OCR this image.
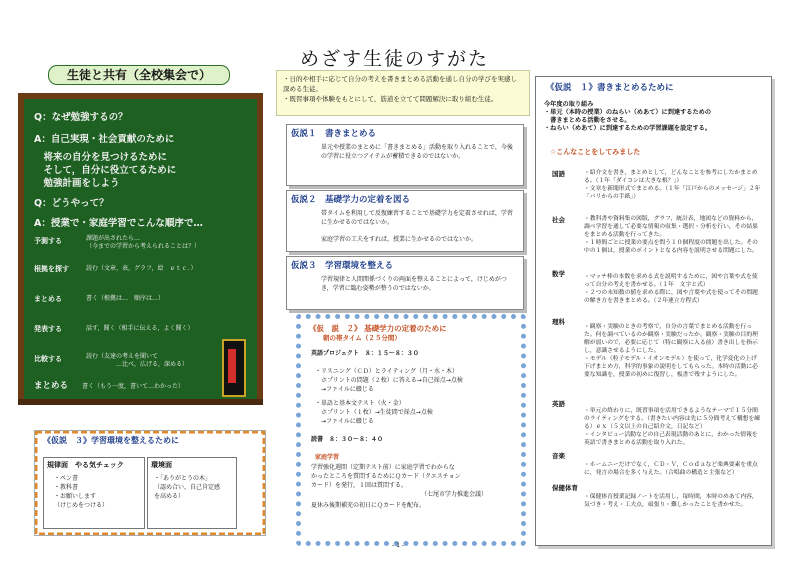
めざす生徒のすがた
生徒と共有（全校集会で）
Q：なぜ勉強するの？
A：自己実現・社会貢献のために
　将来の自分を見つけるために
　そして，自分に役立てるために
　勉強計画をしよう
Q：どうやって？
A：授業で・家庭学習でこんな順序で…
予測する	課題が出されたら…
（今までの学習から考えられることは？）
根拠を探す	読む（文章，表，グラフ，絵　ｅｔｃ．）
まとめる	書く（根拠は…　順序は…）
発表する	話す，聞く（相手に伝える，よく聞く）
比較する	読む（友達の考えを聞いて
　　　　　…比べ，広げる，深める）
まとめる 書く（もう一度，書いて…わかった）
《仮説　３》学習環境を整えるために
規律面　やる気チェック
・ペン書
・教科書
・お願いします
（けじめをつける）
環境面
・「ありがとうの木」
（認め合い，自己肯定感
を高める）
・日的や相手に応じて自分の考えを書きまとめる活動を通し自分の学びを実感し深める生徒。
・既習事項や体験をもとにして，筋道を立てて問題解決に取り組む生徒。
仮説１　書きまとめる
単元や授業のまとめに「書きまとめる」活動を取り入れることで，今後の学習に役立つアイテムが蓄積できるのではないか。
仮説２　基礎学力の定着を図る
帯タイムを利用して反復練習することで基礎学力を定着させれば，学習に生かせるのではないか。
家庭学習の工夫をすれば，授業に生かせるのではないか。
仮説３　学習環境を整える
学習規律と人間関係づくりの両面を整えることによって，けじめがつき，学習に臨む姿勢が整うのではないか。
《仮　説　２》 基礎学力の定着のために
朝の帯タイム（２５分間）
英語プロジェクト　８：１５～８：３０
・リスニング（ＣＤ）とライティング（月・水・木）
　ホプリントの問題（２枚）に答える→自己採点→点検
　→ファイルに綴じる
・単語と基本文テスト（火・金）
　ホプリント（１枚）→生徒間で採点→点検
　→ファイルに綴じる
読書　８：３０～８：４０
家庭学習
学習強化週間（定期テスト前）に家庭学習でわからな
かったところを質問するためにＱカード（クエスチョン
カード）を発行，１回は質問する。
（七尾市学力推進会議）
夏休み後期補充の初日にＱカードを配布。
- 1 -
《仮説　１》書きまとめるために
今年度の取り組み
・単元（本時の授業）のねらい（めあて）に到達するための
　書きまとめる活動をさせる。
・ねらい（めあて）に到達するための学習課題を設定する。
☆こんなことをしてみました
国語	・紹介文を書き，まとめとして，どんなことを参考にしたかまとめる。（１年「ダイコンは大きな根？」）
・文章を新聞形式でまとめる。（１年「江戸からのメッセージ」２年「パリからの手紙」）
社会	・教科書や資料集の図版，グラフ，統計表，地図などの資料から，調べ学習を通して必要な情報の収集・選択・分析を行い，その結果をまとめる活動を行ってきた。
・１時間ごとに授業の要点を問う１０個程度の問題を出した。その中の１個は，授業のポイントとなる内容を説明させる問題にした。
数学	・マッチ棒の本数を求める式を説明するために，図や言葉や式を使って自分の考えを書かせる。（１年　文字と式）
・２つの未知数の値を求める際に，図や言葉や式を使ってその問題の解き方を書きまとめる。（２年連立方程式）
理科
・観察・実験のときの考察で，自分の言葉でまとめる活動を行った。何を調べているのか観察・実験だったか，観察・実験の目的理解が弱いので，必要に応じて（特に観察に入る前）書き出しを指示し，意識させるようにした。
・モデル（粒子モデル・イオンモデル）を使って，化学変化の上げ下げまとめ方，科学的事象の説明をしてもらった。本時の活動に必要な知識を，授業の初めに復習し，板書で残すようにした。
英語
・単元の終わりに，既習事項を活用できるようなテーマで１５分間のライティングをする。（書きたい内容は先に５分間考えて構想を練る）ｅｘ（５文以上の自己紹介文，日記など）
・インタビュー活動などの自己表現活動のあとに，わかった情報を英語で書きまとめる活動を取り入れた。
音楽
・ホームニーだけでなく，ＣＤ・Ｖ，Ｃｏｄａなど楽典要素を重点に，発言の場合を多く与えた。（合唱曲の構造と主張など）
保健体育
・保健体育授業記録ノートを活用し，毎時間，本時のめあて内容，気づき・考え・工夫点，頑張り・難しかったことを書かせた。
